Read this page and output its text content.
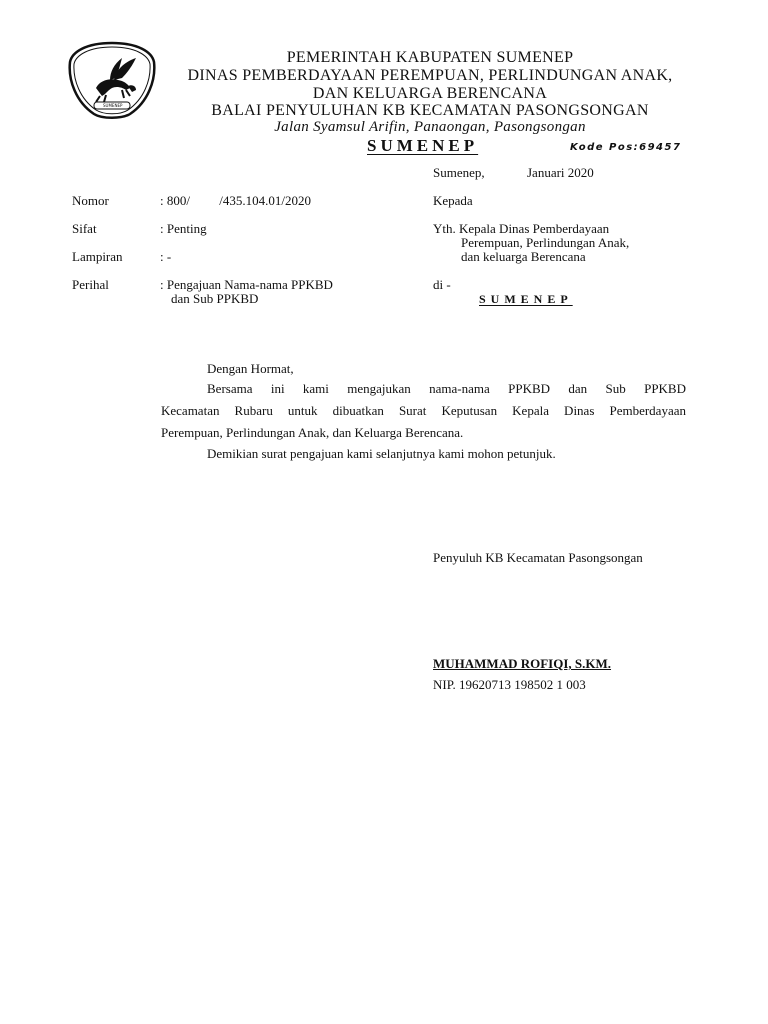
SUMENEP
PEMERINTAH KABUPATEN SUMENEP
DINAS PEMBERDAYAAN PEREMPUAN, PERLINDUNGAN ANAK,
DAN KELUARGA BERENCANA
BALAI PENYULUHAN KB KECAMATAN PASONGSONGAN
Jalan Syamsul Arifin, Panaongan, Pasongsongan
SUMENEP	Kode Pos:69457
Sumenep,	Januari 2020
Nomor	: 800/         /435.104.01/2020
Sifat	: Penting
Lampiran	: -
Perihal	: Pengajuan Nama-nama PPKBD
dan Sub PPKBD
Kepada
Yth. Kepala Dinas Pemberdayaan
Perempuan, Perlindungan Anak,
dan keluarga Berencana
di -
SUMENEP
Dengan Hormat,
Bersama ini kami mengajukan nama-nama PPKBD dan Sub PPKBD
Kecamatan Rubaru untuk dibuatkan Surat Keputusan Kepala Dinas Pemberdayaan
Perempuan, Perlindungan Anak, dan Keluarga Berencana.
Demikian surat pengajuan kami selanjutnya kami mohon petunjuk.
Penyuluh KB Kecamatan Pasongsongan
MUHAMMAD ROFIQI, S.KM.
NIP. 19620713 198502 1 003
